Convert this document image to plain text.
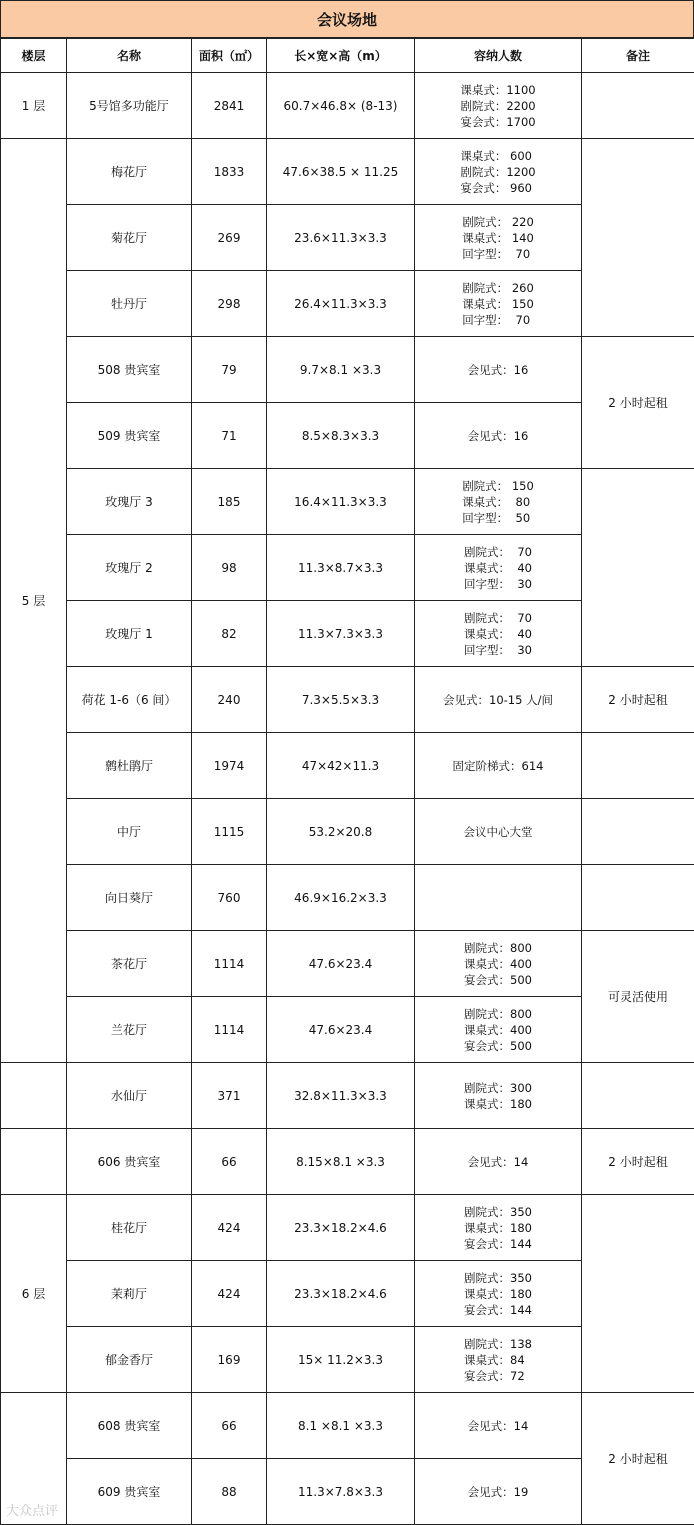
会议场地
楼层	名称	面积（㎡）	长×宽×高（m）	容纳人数	备注
1 层	5号馆多功能厅	2841	60.7×46.8× (8-13)	课桌式：1100
剧院式：2200
宴会式：1700	

5 层	梅花厅	1833	47.6×38.5 × 11.25	课桌式： 600
剧院式：1200
宴会式： 960	

	菊花厅	269	23.6×11.3×3.3	剧院式： 220
课桌式： 140
回字型：  70	

	牡丹厅	298	26.4×11.3×3.3	剧院式： 260
课桌式： 150
回字型：  70	

	508 贵宾室	79	9.7×8.1 ×3.3	会见式：16	2 小时起租
	509 贵宾室	71	8.5×8.3×3.3	会见式：16	

	玫瑰厅 3	185	16.4×11.3×3.3	剧院式： 150
课桌式：  80
回字型：  50	

	玫瑰厅 2	98	11.3×8.7×3.3	剧院式：  70
课桌式：  40
回字型：  30	

	玫瑰厅 1	82	11.3×7.3×3.3	剧院式：  70
课桌式：  40
回字型：  30	

	荷花 1-6（6 间）	240	7.3×5.5×3.3	会见式：10-15 人/间	2 小时起租
	鹩杜鹃厅	1974	47×42×11.3	固定阶梯式：614	

	中厅	1115	53.2×20.8	会议中心大堂	

	向日葵厅	760	46.9×16.2×3.3		
	茶花厅	1114	47.6×23.4	剧院式：800
课桌式：400
宴会式：500	可灵活使用
	兰花厅	1114	47.6×23.4	剧院式：800
课桌式：400
宴会式：500	

	水仙厅	371	32.8×11.3×3.3	剧院式：300
课桌式：180	

	606 贵宾室	66	8.15×8.1 ×3.3	会见式：14	2 小时起租
6 层	桂花厅	424	23.3×18.2×4.6	剧院式：350
课桌式：180
宴会式：144	

	茉莉厅	424	23.3×18.2×4.6	剧院式：350
课桌式：180
宴会式：144	

	郁金香厅	169	15× 11.2×3.3	剧院式：138
课桌式：84
宴会式：72	

	608 贵宾室	66	8.1 ×8.1 ×3.3	会见式：14	2 小时起租
	609 贵宾室	88	11.3×7.8×3.3	会见式：19	
大众点评
